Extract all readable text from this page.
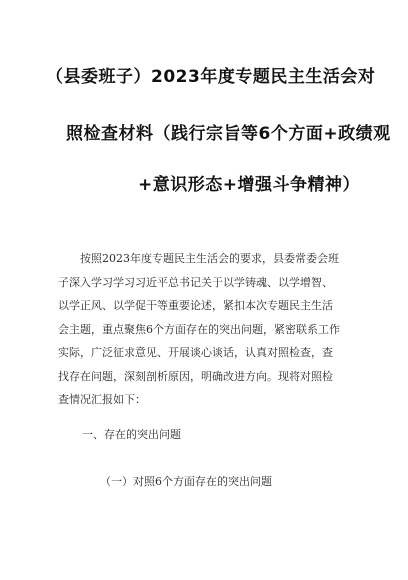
（县委班子）2023年度专题民主生活会对
照检查材料（践行宗旨等6个方面+政绩观
+意识形态+增强斗争精神）
按照2023年度专题民主生活会的要求，县委常委会班
子深入学习学习习近平总书记关于以学铸魂、以学增智、
以学正风、以学促干等重要论述，紧扣本次专题民主生活
会主题，重点聚焦6个方面存在的突出问题，紧密联系工作
实际，广泛征求意见、开展谈心谈话，认真对照检查，查
找存在问题，深刻剖析原因，明确改进方向。现将对照检
查情况汇报如下：
一、存在的突出问题
（一）对照6个方面存在的突出问题
